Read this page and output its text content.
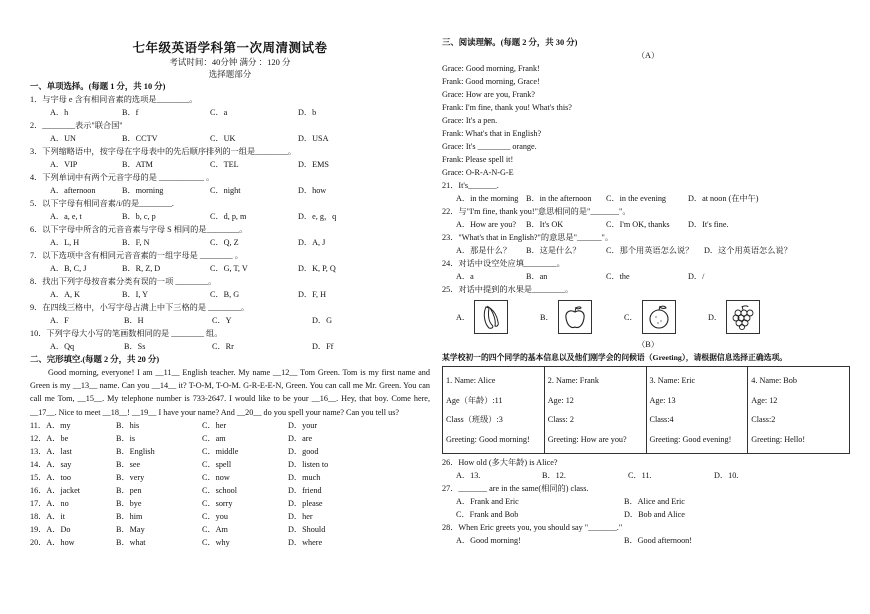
七年级英语学科第一次周清测试卷
考试时间：40分钟 满分 ：120 分
选择题部分
一、单项选择。(每题 1 分，共 10 分)
1．与字母 e 含有相同音素的选项是________。
A．h	B．f	C．a	D．b
2．________表示"联合国"
A．UN	B．CCTV	C．UK	D．USA
3．下列缩略语中，按字母在字母表中的先后顺序排列的一组是________。
A．VIP	B．ATM	C．TEL	D．EMS
4．下列单词中有两个元音字母的是 ___________ 。
A．afternoon	B．morning	C．night	D．how
5．以下字母有相同音素/i/的是________.
A．a, e, t	B．b, c, p	C．d, p, m	D．e, g，q
6．以下字母中所含的元音音素与字母 S 相同的是________。
A．L, H	B．F, N	C．Q, Z	D．A, J
7．以下选项中含有相同元音音素的一组字母是 ________ 。
A．B, C, J	B．R, Z, D	C．G, T, V	D．K, P, Q
8．找出下列字母按音素分类有误的一项 ________。
A．A, K	B．I, Y	C．B, G	D．F, H
9．在四线三格中，小写字母占满上中下三格的是 ________。
A．F	B．H	C．Y	D．G
10．下列字母大小写的笔画数相同的是 ________ 组。
A．Qq	B．Ss	C．Rr	D．Ff
二、完形填空.(每题 2 分，共 20 分)
Good morning, everyone! I am __11__ English teacher. My name __12__ Tom Green. Tom is my first name and Green is my __13__ name. Can you __14__ it? T-O-M, T-O-M. G-R-E-E-N, Green. You can call me Mr. Green. You can call me Tom, __15__. My telephone number is 733-2647. I would like to be your __16__. Hey, that boy. Come here, __17__. Nice to meet __18__! __19__ I have your name? And __20__ do you spell your name? Can you tell us?
11．A．my	B．his	C．her	D．your
12．A．be	B．is	C．am	D．are
13．A．last	B．English	C．middle	D．good
14．A．say	B．see	C．spell	D．listen to
15．A．too	B．very	C．now	D．much
16．A．jacket	B．pen	C．school	D．friend
17．A．no	B．bye	C．sorry	D．please
18．A．it	B．him	C．you	D．her
19．A．Do	B．May	C．Am	D．Should
20．A．how	B．what	C．why	D．where
三、阅读理解。(每题 2 分，共 30 分)
（A）
Grace: Good morning, Frank!
Frank: Good morning, Grace!
Grace: How are you, Frank?
Frank: I'm fine, thank you! What's this?
Grace: It's a pen.
Frank: What's that in English?
Grace: It's ________ orange.
Frank: Please spell it!
Grace: O-R-A-N-G-E
21．It's_______.
A．in the morning B．in the afternoon	C．in the evening	D．at noon (在中午)
22．与"I'm fine, thank you!"意思相同的是"_______"。
A．How are you?	B．It's OK	C．I'm OK, thanks	D．It's fine.
23．"What's that in English?"的意思是"______"。
A．那是什么？	B．这是什么？	C．那个用英语怎么说？	D．这个用英语怎么说？
24．对话中设空处应填________。
A．a	B．an	C．the	D．/
25．对话中提到的水果是________。
A．	B．	C．	D．
（B）
某学校初一的四个同学的基本信息以及他们刚学会的问候语（Greeting），请根据信息选择正确选项。
1. Name: Alice
Age（年龄）:11
Class（班级）:3
Greeting: Good morning!

2. Name: Frank
Age: 12
Class: 2
Greeting: How are you?

3. Name: Eric
Age: 13
Class:4
Greeting: Good evening!

4. Name: Bob
Age: 12
Class:2
Greeting: Hello!
26．How old (多大年龄) is Alice?
A．13.	B．12.	C．11.	D．10.
27．_______ are in the same(相同的) class.
A．Frank and Eric	B．Alice and Eric
C．Frank and Bob	D．Bob and Alice
28．When Eric greets you, you should say "_______."
A．Good morning!	B．Good afternoon!
